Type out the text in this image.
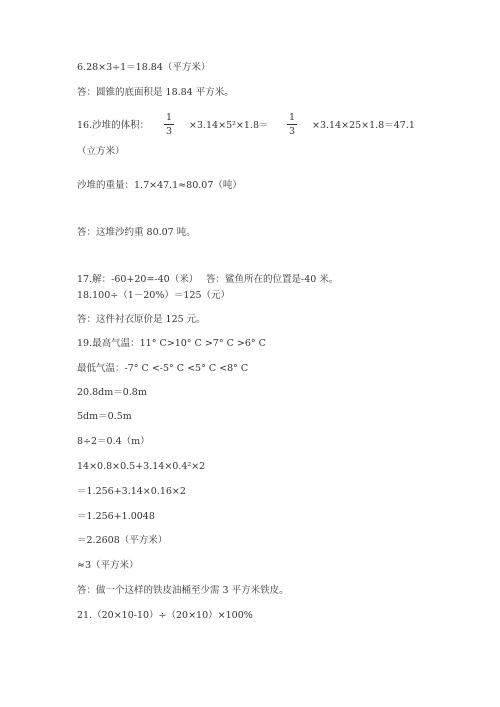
6.28×3÷1＝18.84（平方米）
答：圆锥的底面积是 18.84 平方米。
16.沙堆的体积：
1
3
×3.14×5²×1.8＝
1
3
×3.14×25×1.8＝47.1
（立方米）
沙堆的重量：1.7×47.1≈80.07（吨）
答：这堆沙约重 80.07 吨。
17.解：-60+20=-40（米） 答：鲨鱼所在的位置是-40 米。
18.100÷（1－20%）＝125（元）
答：这件衬衣原价是 125 元。
19.最高气温：11° C>10° C >7° C >6° C
最低气温：-7° C <-5° C <5° C <8° C
20.8dm＝0.8m
5dm＝0.5m
8÷2＝0.4（m）
14×0.8×0.5+3.14×0.4²×2
＝1.256+3.14×0.16×2
＝1.256+1.0048
＝2.2608（平方米）
≈3（平方米）
答：做一个这样的铁皮油桶至少需 3 平方米铁皮。
21.（20×10-10）÷（20×10）×100%
